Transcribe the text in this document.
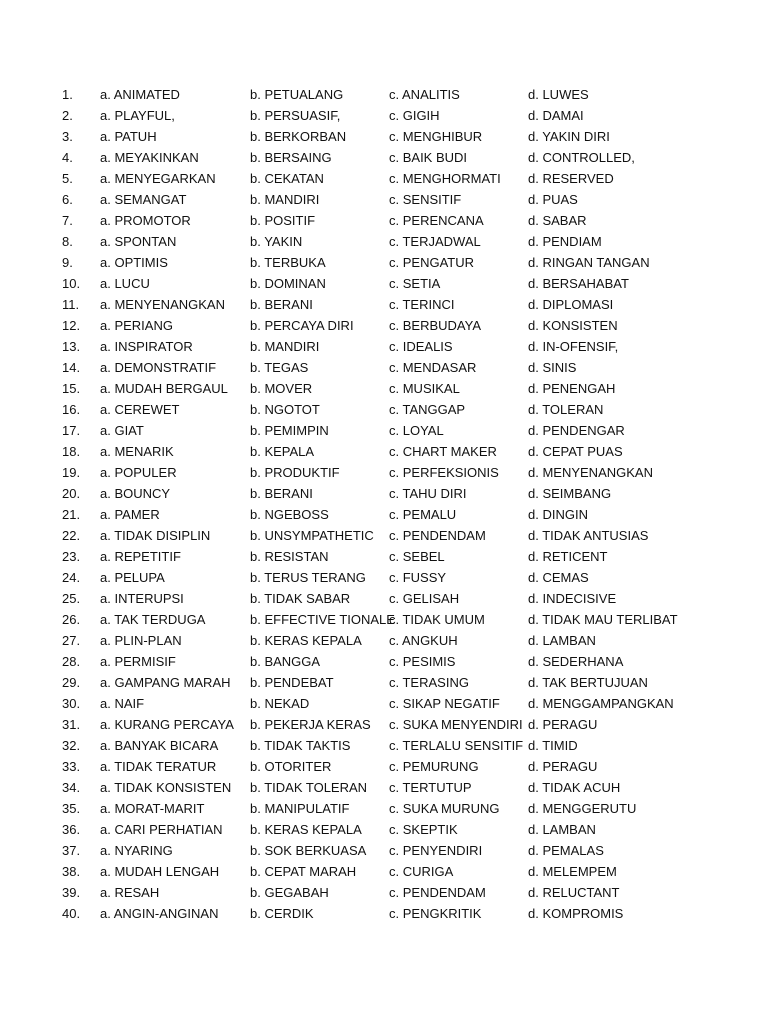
1. a. ANIMATED	b. PETUALANG	c. ANALITIS	d. LUWES
2. a. PLAYFUL,	b. PERSUASIF,	c. GIGIH	d. DAMAI
3. a. PATUH	b. BERKORBAN	c. MENGHIBUR	d. YAKIN DIRI
4. a. MEYAKINKAN	b. BERSAING	c. BAIK BUDI	d. CONTROLLED,
5. a. MENYEGARKAN	b. CEKATAN	c. MENGHORMATI d. RESERVED
6. a. SEMANGAT	b. MANDIRI	c. SENSITIF	d. PUAS
7. a. PROMOTOR	b. POSITIF	c. PERENCANA	d. SABAR
8. a. SPONTAN	b. YAKIN	c. TERJADWAL	d. PENDIAM
9. a. OPTIMIS	b. TERBUKA	c. PENGATUR	d. RINGAN TANGAN
10. a. LUCU	b. DOMINAN	c. SETIA	d. BERSAHABAT
11. a. MENYENANGKAN b. BERANI	c. TERINCI	d. DIPLOMASI
12. a. PERIANG	b. PERCAYA DIRI	c. BERBUDAYA	d. KONSISTEN
13. a. INSPIRATOR	b. MANDIRI	c. IDEALIS	d. IN-OFENSIF,
14. a. DEMONSTRATIF	b. TEGAS	c. MENDASAR	d. SINIS
15. a. MUDAH BERGAUL b. MOVER	c. MUSIKAL	d. PENENGAH
16. a. CEREWET	b. NGOTOT	c. TANGGAP	d. TOLERAN
17. a. GIAT	b. PEMIMPIN	c. LOYAL	d. PENDENGAR
18. a. MENARIK	b. KEPALA	c. CHART MAKER d. CEPAT PUAS
19. a. POPULER	b. PRODUKTIF	c. PERFEKSIONIS d. MENYENANGKAN
20. a. BOUNCY	b. BERANI	c. TAHU DIRI	d. SEIMBANG
21. a. PAMER	b. NGEBOSS	c. PEMALU	d. DINGIN
22. a. TIDAK DISIPLIN	b. UNSYMPATHETIC c. PENDENDAM	d. TIDAK ANTUSIAS
23. a. REPETITIF	b. RESISTAN	c. SEBEL	d. RETICENT
24. a. PELUPA	b. TERUS TERANG c. FUSSY	d. CEMAS
25. a. INTERUPSI	b. TIDAK SABAR	c. GELISAH	d. INDECISIVE
26. a. TAK TERDUGA	b. EFFECTIVE TIONALE
c. TIDAK UMUM	d. TIDAK MAU TERLIBAT
27. a. PLIN-PLAN	b. KERAS KEPALA c. ANGKUH	d. LAMBAN
28. a. PERMISIF	b. BANGGA	c. PESIMIS	d. SEDERHANA
29. a. GAMPANG MARAH b. PENDEBAT	c. TERASING	d. TAK BERTUJUAN
30. a. NAIF	b. NEKAD	c. SIKAP NEGATIF d. MENGGAMPANGKAN
31. a. KURANG PERCAYA b. PEKERJA KERAS c. SUKA MENYENDIRI d. PERAGU
32. a. BANYAK BICARA b. TIDAK TAKTIS	c. TERLALU SENSITIF d. TIMID
33. a. TIDAK TERATUR	b. OTORITER	c. PEMURUNG	d. PERAGU
34. a. TIDAK KONSISTEN b. TIDAK TOLERAN c. TERTUTUP	d. TIDAK ACUH
35. a. MORAT-MARIT	b. MANIPULATIF	c. SUKA MURUNG d. MENGGERUTU
36. a. CARI PERHATIAN b. KERAS KEPALA c. SKEPTIK	d. LAMBAN
37. a. NYARING	b. SOK BERKUASA c. PENYENDIRI	d. PEMALAS
38. a. MUDAH LENGAH b. CEPAT MARAH	c. CURIGA	d. MELEMPEM
39. a. RESAH	b. GEGABAH	c. PENDENDAM	d. RELUCTANT
40. a. ANGIN-ANGINAN b. CERDIK	c. PENGKRITIK	d. KOMPROMIS
